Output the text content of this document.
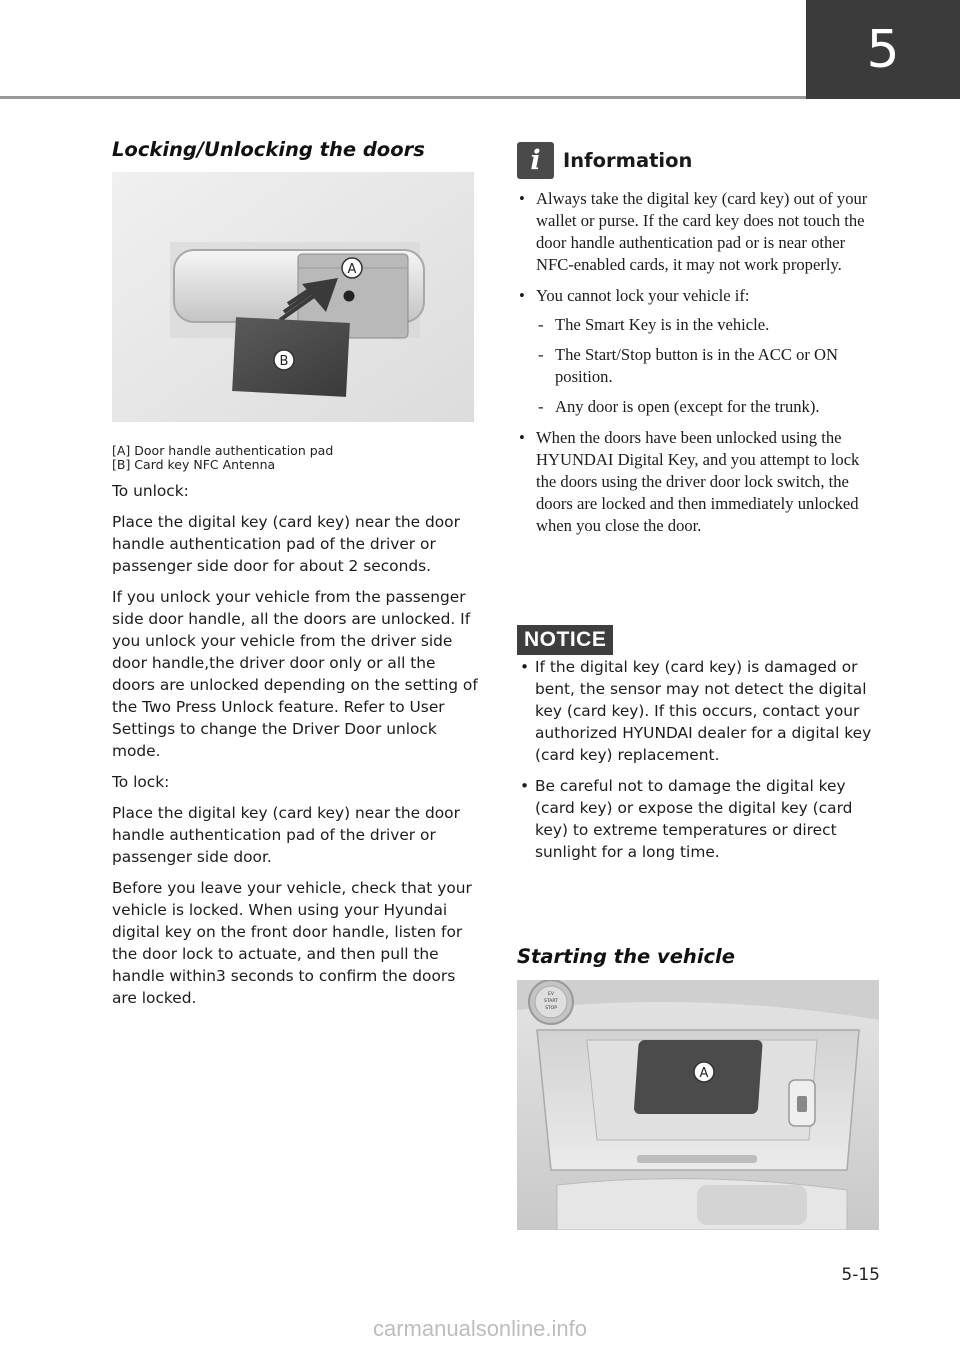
5
Locking/Unlocking the doors
A
B
[A] Door handle authentication pad
[B] Card key NFC Antenna

To unlock:

Place the digital key (card key) near the door handle authentication pad of the driver or passenger side door for about 2 seconds.

If you unlock your vehicle from the passenger side door handle, all the doors are unlocked. If you unlock your vehicle from the driver side door handle,the driver door only or all the doors are unlocked depending on the setting of the Two Press Unlock feature. Refer to User Settings to change the Driver Door unlock mode.

To lock:

Place the digital key (card key) near the door handle authentication pad of the driver or passenger side door.

Before you leave your vehicle, check that your vehicle is locked. When using your Hyundai digital key on the front door handle, listen for the door lock to actuate, and then pull the handle within3 seconds to confirm the doors are locked.

i	Information
• Always take the digital key (card key) out of your wallet or purse. If the card key does not touch the door handle authentication pad or is near other NFC-enabled cards, it may not work properly.
• You cannot lock your vehicle if:
- The Smart Key is in the vehicle.
- The Start/Stop button is in the ACC or ON position.
- Any door is open (except for the trunk).
• When the doors have been unlocked using the HYUNDAI Digital Key, and you attempt to lock the doors using the driver door lock switch, the doors are locked and then immediately unlocked when you close the door.
NOTICE
• If the digital key (card key) is damaged or bent, the sensor may not detect the digital key (card key). If this occurs, contact your authorized HYUNDAI dealer for a digital key (card key) replacement.
• Be careful not to damage the digital key (card key) or expose the digital key (card key) to extreme temperatures or direct sunlight for a long time.
Starting the vehicle
EV
START
STOP
A
5-15
carmanualsonline.info
